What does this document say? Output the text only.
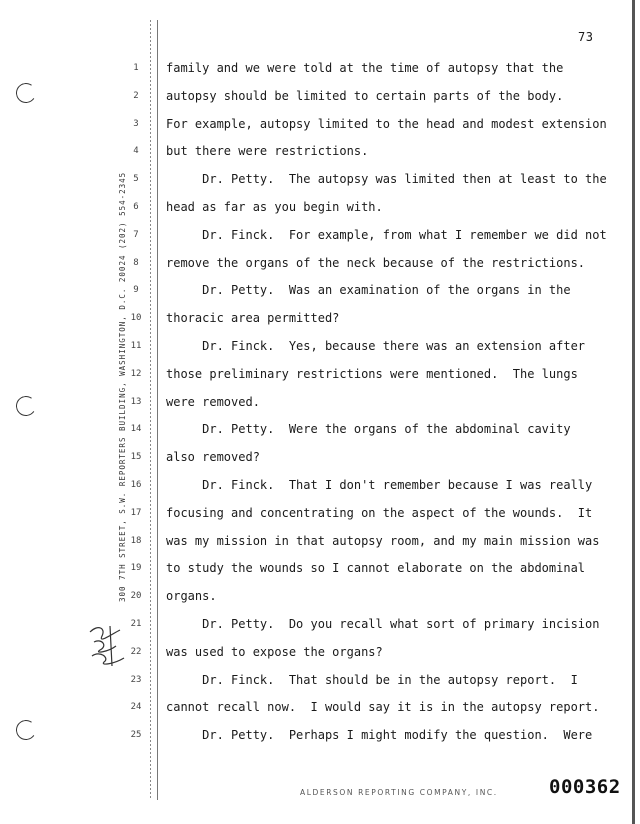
73
300 7TH STREET, S.W. REPORTERS BUILDING, WASHINGTON, D.C. 20024 (202) 554-2345
1
2
3
4
5
6
7
8
9
10
11
12
13
14
15
16
17
18
19
20
21
22
23
24
25
family and we were told at the time of autopsy that the
autopsy should be limited to certain parts of the body.
For example, autopsy limited to the head and modest extension
but there were restrictions.
Dr. Petty.  The autopsy was limited then at least to the
head as far as you begin with.
Dr. Finck.  For example, from what I remember we did not
remove the organs of the neck because of the restrictions.
Dr. Petty.  Was an examination of the organs in the
thoracic area permitted?
Dr. Finck.  Yes, because there was an extension after
those preliminary restrictions were mentioned.  The lungs
were removed.
Dr. Petty.  Were the organs of the abdominal cavity
also removed?
Dr. Finck.  That I don't remember because I was really
focusing and concentrating on the aspect of the wounds.  It
was my mission in that autopsy room, and my main mission was
to study the wounds so I cannot elaborate on the abdominal
organs.
Dr. Petty.  Do you recall what sort of primary incision
was used to expose the organs?
Dr. Finck.  That should be in the autopsy report.  I
cannot recall now.  I would say it is in the autopsy report.
Dr. Petty.  Perhaps I might modify the question.  Were
ALDERSON REPORTING COMPANY, INC.	000362
